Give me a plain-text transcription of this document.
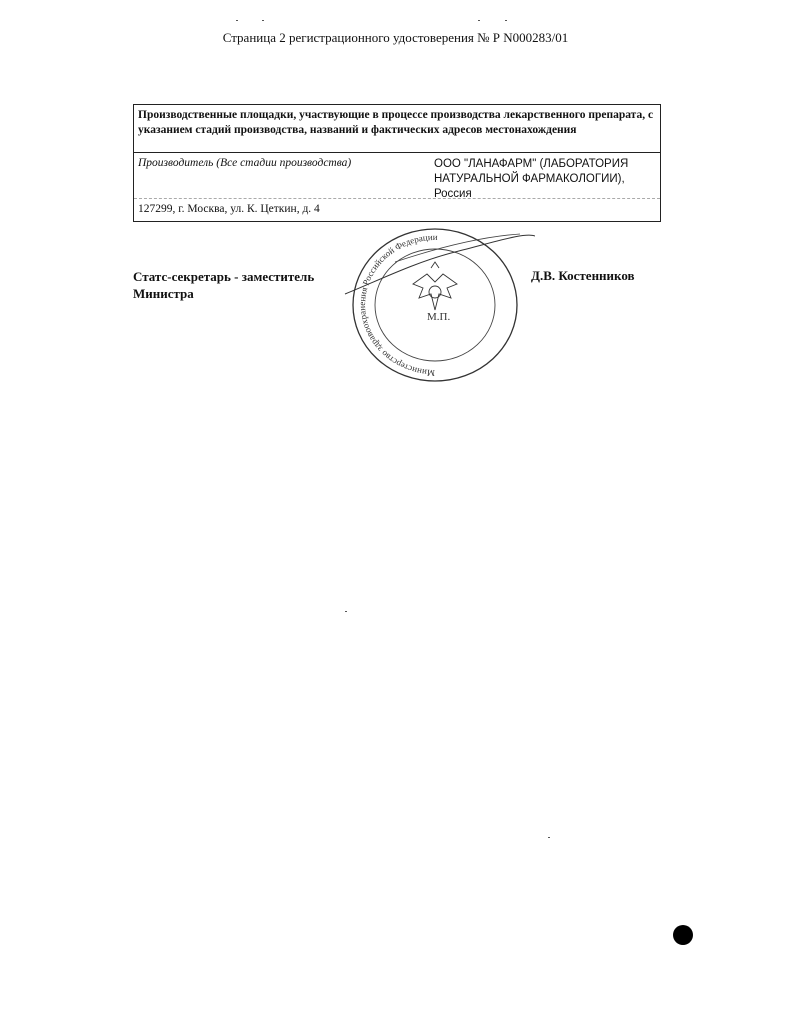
Страница 2 регистрационного удостоверения № Р N000283/01
Производственные площадки, участвующие в процессе производства лекарственного препарата, с указанием стадий производства, названий и фактических адресов местонахождения
Производитель (Все стадии производства)	ООО "ЛАНАФАРМ" (ЛАБОРАТОРИЯ НАТУРАЛЬНОЙ ФАРМАКОЛОГИИ),
Россия
127299, г. Москва, ул. К. Цеткин, д. 4
Статс-секретарь - заместитель
Министра
Д.В. Костенников
Министерство здравоохранения Российской Федерации
М.П.
